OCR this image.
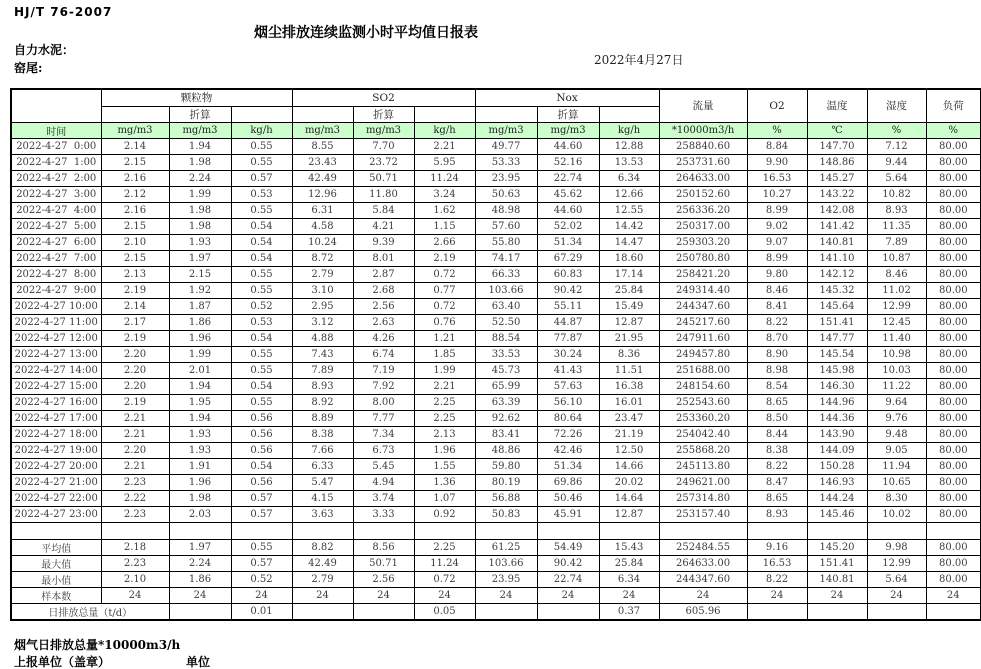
HJ/T 76-2007
烟尘排放连续监测小时平均值日报表
自力水泥：
窑尾:
2022年4月27日
	颗粒物			SO2			Nox			流量	O2	温度	湿度	负荷
		折算			折算			折算						
时间	mg/m3	mg/m3	kg/h	mg/m3	mg/m3	kg/h	mg/m3	mg/m3	kg/h	*10000m3/h	%	℃	%	%
2022-4-27  0:00	2.14	1.94	0.55	8.55	7.70	2.21	49.77	44.60	12.88	258840.60	8.84	147.70	7.12	80.00
2022-4-27  1:00	2.15	1.98	0.55	23.43	23.72	5.95	53.33	52.16	13.53	253731.60	9.90	148.86	9.44	80.00
2022-4-27  2:00	2.16	2.24	0.57	42.49	50.71	11.24	23.95	22.74	6.34	264633.00	16.53	145.27	5.64	80.00
2022-4-27  3:00	2.12	1.99	0.53	12.96	11.80	3.24	50.63	45.62	12.66	250152.60	10.27	143.22	10.82	80.00
2022-4-27  4:00	2.16	1.98	0.55	6.31	5.84	1.62	48.98	44.60	12.55	256336.20	8.99	142.08	8.93	80.00
2022-4-27  5:00	2.15	1.98	0.54	4.58	4.21	1.15	57.60	52.02	14.42	250317.00	9.02	141.42	11.35	80.00
2022-4-27  6:00	2.10	1.93	0.54	10.24	9.39	2.66	55.80	51.34	14.47	259303.20	9.07	140.81	7.89	80.00
2022-4-27  7:00	2.15	1.97	0.54	8.72	8.01	2.19	74.17	67.29	18.60	250780.80	8.99	141.10	10.87	80.00
2022-4-27  8:00	2.13	2.15	0.55	2.79	2.87	0.72	66.33	60.83	17.14	258421.20	9.80	142.12	8.46	80.00
2022-4-27  9:00	2.19	1.92	0.55	3.10	2.68	0.77	103.66	90.42	25.84	249314.40	8.46	145.32	11.02	80.00
2022-4-27 10:00	2.14	1.87	0.52	2.95	2.56	0.72	63.40	55.11	15.49	244347.60	8.41	145.64	12.99	80.00
2022-4-27 11:00	2.17	1.86	0.53	3.12	2.63	0.76	52.50	44.87	12.87	245217.60	8.22	151.41	12.45	80.00
2022-4-27 12:00	2.19	1.96	0.54	4.88	4.26	1.21	88.54	77.87	21.95	247911.60	8.70	147.77	11.40	80.00
2022-4-27 13:00	2.20	1.99	0.55	7.43	6.74	1.85	33.53	30.24	8.36	249457.80	8.90	145.54	10.98	80.00
2022-4-27 14:00	2.20	2.01	0.55	7.89	7.19	1.99	45.73	41.43	11.51	251688.00	8.98	145.98	10.03	80.00
2022-4-27 15:00	2.20	1.94	0.54	8.93	7.92	2.21	65.99	57.63	16.38	248154.60	8.54	146.30	11.22	80.00
2022-4-27 16:00	2.19	1.95	0.55	8.92	8.00	2.25	63.39	56.10	16.01	252543.60	8.65	144.96	9.64	80.00
2022-4-27 17:00	2.21	1.94	0.56	8.89	7.77	2.25	92.62	80.64	23.47	253360.20	8.50	144.36	9.76	80.00
2022-4-27 18:00	2.21	1.93	0.56	8.38	7.34	2.13	83.41	72.26	21.19	254042.40	8.44	143.90	9.48	80.00
2022-4-27 19:00	2.20	1.93	0.56	7.66	6.73	1.96	48.86	42.46	12.50	255868.20	8.38	144.09	9.05	80.00
2022-4-27 20:00	2.21	1.91	0.54	6.33	5.45	1.55	59.80	51.34	14.66	245113.80	8.22	150.28	11.94	80.00
2022-4-27 21:00	2.23	1.96	0.56	5.47	4.94	1.36	80.19	69.86	20.02	249621.00	8.47	146.93	10.65	80.00
2022-4-27 22:00	2.22	1.98	0.57	4.15	3.74	1.07	56.88	50.46	14.64	257314.80	8.65	144.24	8.30	80.00
2022-4-27 23:00	2.23	2.03	0.57	3.63	3.33	0.92	50.83	45.91	12.87	253157.40	8.93	145.46	10.02	80.00

平均值	2.18	1.97	0.55	8.82	8.56	2.25	61.25	54.49	15.43	252484.55	9.16	145.20	9.98	80.00
最大值	2.23	2.24	0.57	42.49	50.71	11.24	103.66	90.42	25.84	264633.00	16.53	151.41	12.99	80.00
最小值	2.10	1.86	0.52	2.79	2.56	0.72	23.95	22.74	6.34	244347.60	8.22	140.81	5.64	80.00
样本数	24	24	24	24	24	24	24	24	24	24	24	24	24	24
日排放总量（t/d）			0.01			0.05			0.37	605.96				
烟气日排放总量*10000m3/h
上报单位（盖章）	单位
